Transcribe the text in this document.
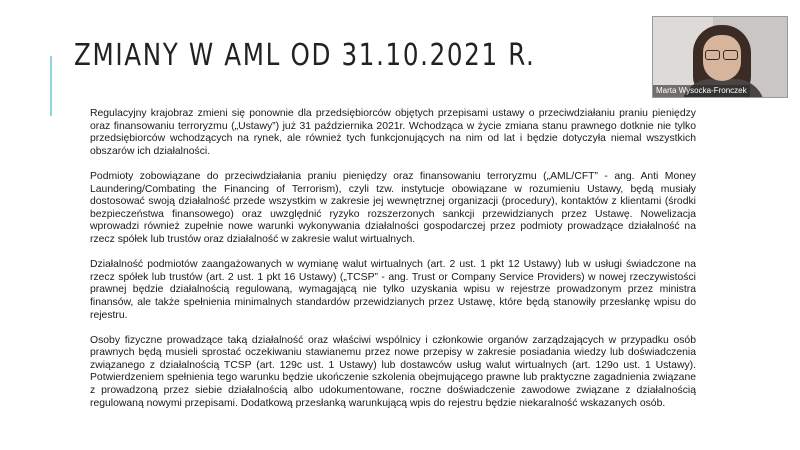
ZMIANY W AML OD 31.10.2021 R.

Regulacyjny krajobraz zmieni się ponownie dla przedsiębiorców objętych przepisami ustawy o przeciwdziałaniu praniu pieniędzy oraz finansowaniu terroryzmu („Ustawy”) już 31 października 2021r. Wchodząca w życie zmiana stanu prawnego dotknie nie tylko przedsiębiorców wchodzących na rynek, ale również tych funkcjonujących na nim od lat i będzie dotyczyła niemal wszystkich obszarów ich działalności.

Podmioty zobowiązane do przeciwdziałania praniu pieniędzy oraz finansowaniu terroryzmu („AML/CFT” - ang. Anti Money Laundering/Combating the Financing of Terrorism), czyli tzw. instytucje obowiązane w rozumieniu Ustawy, będą musiały dostosować swoją działalność przede wszystkim w zakresie jej wewnętrznej organizacji (procedury), kontaktów z klientami (środki bezpieczeństwa finansowego) oraz uwzględnić ryzyko rozszerzonych sankcji przewidzianych przez Ustawę. Nowelizacja wprowadzi również zupełnie nowe warunki wykonywania działalności gospodarczej przez podmioty prowadzące działalność na rzecz spółek lub trustów oraz działalność w zakresie walut wirtualnych.

Działalność podmiotów zaangażowanych w wymianę walut wirtualnych (art. 2 ust. 1 pkt 12 Ustawy) lub w usługi świadczone na rzecz spółek lub trustów (art. 2 ust. 1 pkt 16 Ustawy) („TCSP” - ang. Trust or Company Service Providers) w nowej rzeczywistości prawnej będzie działalnością regulowaną, wymagającą nie tylko uzyskania wpisu w rejestrze prowadzonym przez ministra finansów, ale także spełnienia minimalnych standardów przewidzianych przez Ustawę, które będą stanowiły przesłankę wpisu do rejestru.

Osoby fizyczne prowadzące taką działalność oraz właściwi wspólnicy i członkowie organów zarządzających w przypadku osób prawnych będą musieli sprostać oczekiwaniu stawianemu przez nowe przepisy w zakresie posiadania wiedzy lub doświadczenia związanego z działalnością TCSP (art. 129c ust. 1 Ustawy) lub dostawców usług walut wirtualnych (art. 129o ust. 1 Ustawy). Potwierdzeniem spełnienia tego warunku będzie ukończenie szkolenia obejmującego prawne lub praktyczne zagadnienia związane z prowadzoną przez siebie działalnością albo udokumentowane, roczne doświadczenie zawodowe związane z działalnością regulowaną nowymi przepisami. Dodatkową przesłanką warunkującą wpis do rejestru będzie niekaralność wskazanych osób.

Marta Wysocka-Fronczek
